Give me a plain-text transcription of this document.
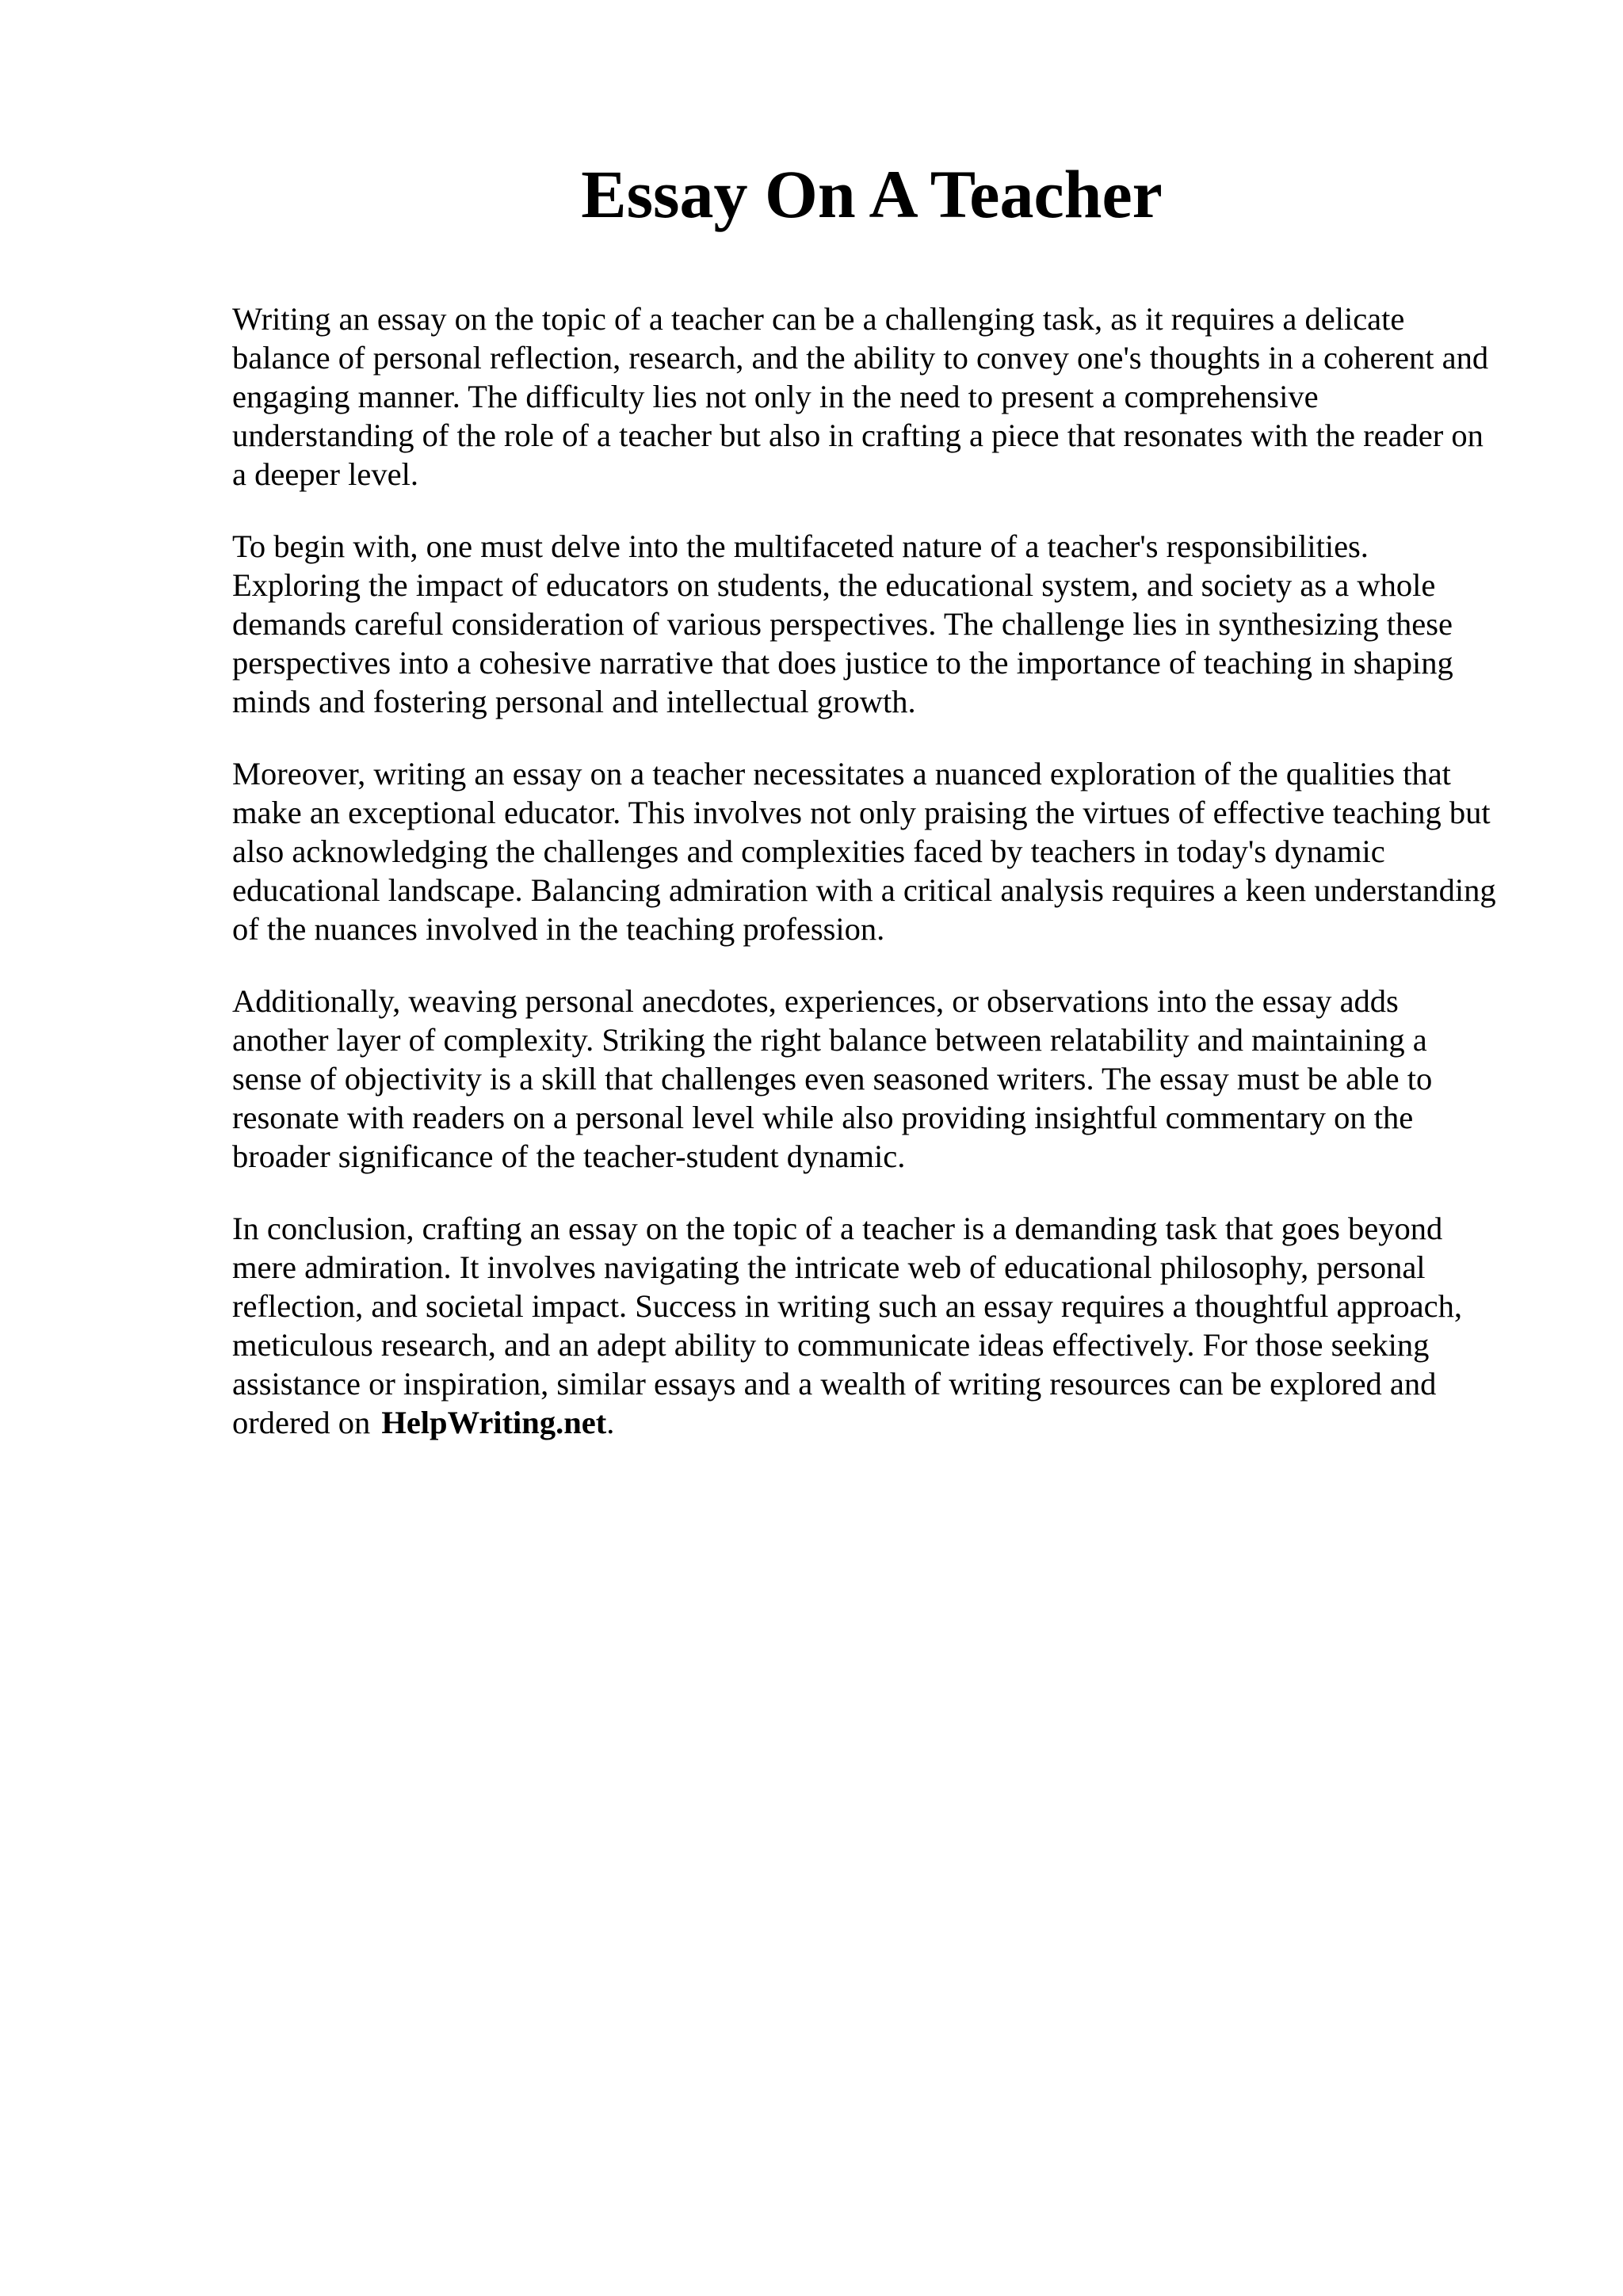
Essay On A Teacher

Writing an essay on the topic of a teacher can be a challenging task, as it requires a delicate balance of personal reflection, research, and the ability to convey one's thoughts in a coherent and engaging manner. The difficulty lies not only in the need to present a comprehensive understanding of the role of a teacher but also in crafting a piece that resonates with the reader on a deeper level.

To begin with, one must delve into the multifaceted nature of a teacher's responsibilities. Exploring the impact of educators on students, the educational system, and society as a whole demands careful consideration of various perspectives. The challenge lies in synthesizing these perspectives into a cohesive narrative that does justice to the importance of teaching in shaping minds and fostering personal and intellectual growth.

Moreover, writing an essay on a teacher necessitates a nuanced exploration of the qualities that make an exceptional educator. This involves not only praising the virtues of effective teaching but also acknowledging the challenges and complexities faced by teachers in today's dynamic educational landscape. Balancing admiration with a critical analysis requires a keen understanding of the nuances involved in the teaching profession.

Additionally, weaving personal anecdotes, experiences, or observations into the essay adds another layer of complexity. Striking the right balance between relatability and maintaining a sense of objectivity is a skill that challenges even seasoned writers. The essay must be able to resonate with readers on a personal level while also providing insightful commentary on the broader significance of the teacher-student dynamic.

In conclusion, crafting an essay on the topic of a teacher is a demanding task that goes beyond mere admiration. It involves navigating the intricate web of educational philosophy, personal reflection, and societal impact. Success in writing such an essay requires a thoughtful approach, meticulous research, and an adept ability to communicate ideas effectively. For those seeking assistance or inspiration, similar essays and a wealth of writing resources can be explored and ordered on HelpWriting.net.
